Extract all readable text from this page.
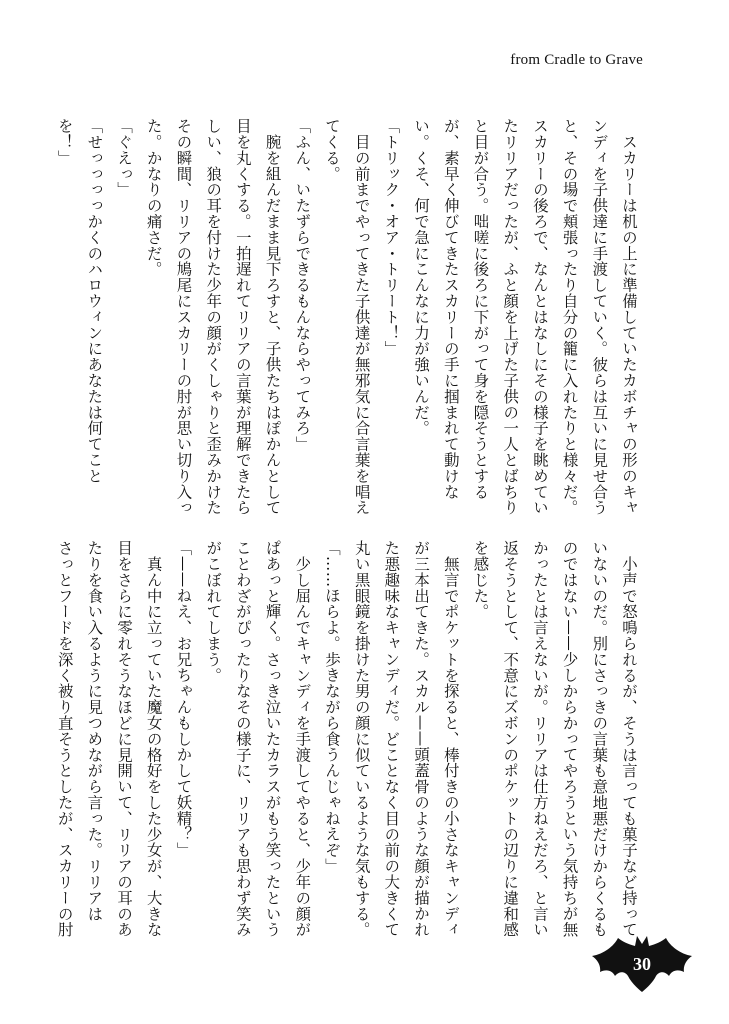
from Cradle to Grave
　スカリーは机の上に準備していたカボチャの形のキャ
ンディを子供達に手渡していく。彼らは互いに見せ合う
と、その場で頬張ったり自分の籠に入れたりと様々だ。
スカリーの後ろで、なんとはなしにその様子を眺めてい
たリリアだったが、ふと顔を上げた子供の一人とばちり
と目が合う。咄嗟に後ろに下がって身を隠そうとする
が、素早く伸びてきたスカリーの手に掴まれて動けな
い。くそ、何で急にこんなに力が強いんだ。
「トリック・オア・トリート！」
　目の前までやってきた子供達が無邪気に合言葉を唱え
てくる。
「ふん、いたずらできるもんならやってみろ」
　腕を組んだまま見下ろすと、子供たちはぽかんとして
目を丸くする。一拍遅れてリリアの言葉が理解できたら
しい、狼の耳を付けた少年の顔がくしゃりと歪みかけた
その瞬間、リリアの鳩尾にスカリーの肘が思い切り入っ
た。かなりの痛さだ。
「ぐえっ」
「せっっっっかくのハロウィンにあなたは何てこと
を！」
　小声で怒鳴られるが、そうは言っても菓子など持って
いないのだ。別にさっきの言葉も意地悪だけからくるも
のではない——少しからかってやろうという気持ちが無
かったとは言えないが。リリアは仕方ねえだろ、と言い
返そうとして、不意にズボンのポケットの辺りに違和感
を感じた。
　無言でポケットを探ると、棒付きの小さなキャンディ
が三本出てきた。スカル——頭蓋骨のような顔が描かれ
た悪趣味なキャンディだ。どことなく目の前の大きくて
丸い黒眼鏡を掛けた男の顔に似ているような気もする。
「……ほらよ。歩きながら食うんじゃねえぞ」
　少し屈んでキャンディを手渡してやると、少年の顔が
ぱあっと輝く。さっき泣いたカラスがもう笑ったという
ことわざがぴったりなその様子に、リリアも思わず笑み
がこぼれてしまう。
「——ねえ、お兄ちゃんもしかして妖精？」
　真ん中に立っていた魔女の格好をした少女が、大きな
目をさらに零れそうなほどに見開いて、リリアの耳のあ
たりを食い入るように見つめながら言った。リリアは
さっとフードを深く被り直そうとしたが、スカリーの肘
30
